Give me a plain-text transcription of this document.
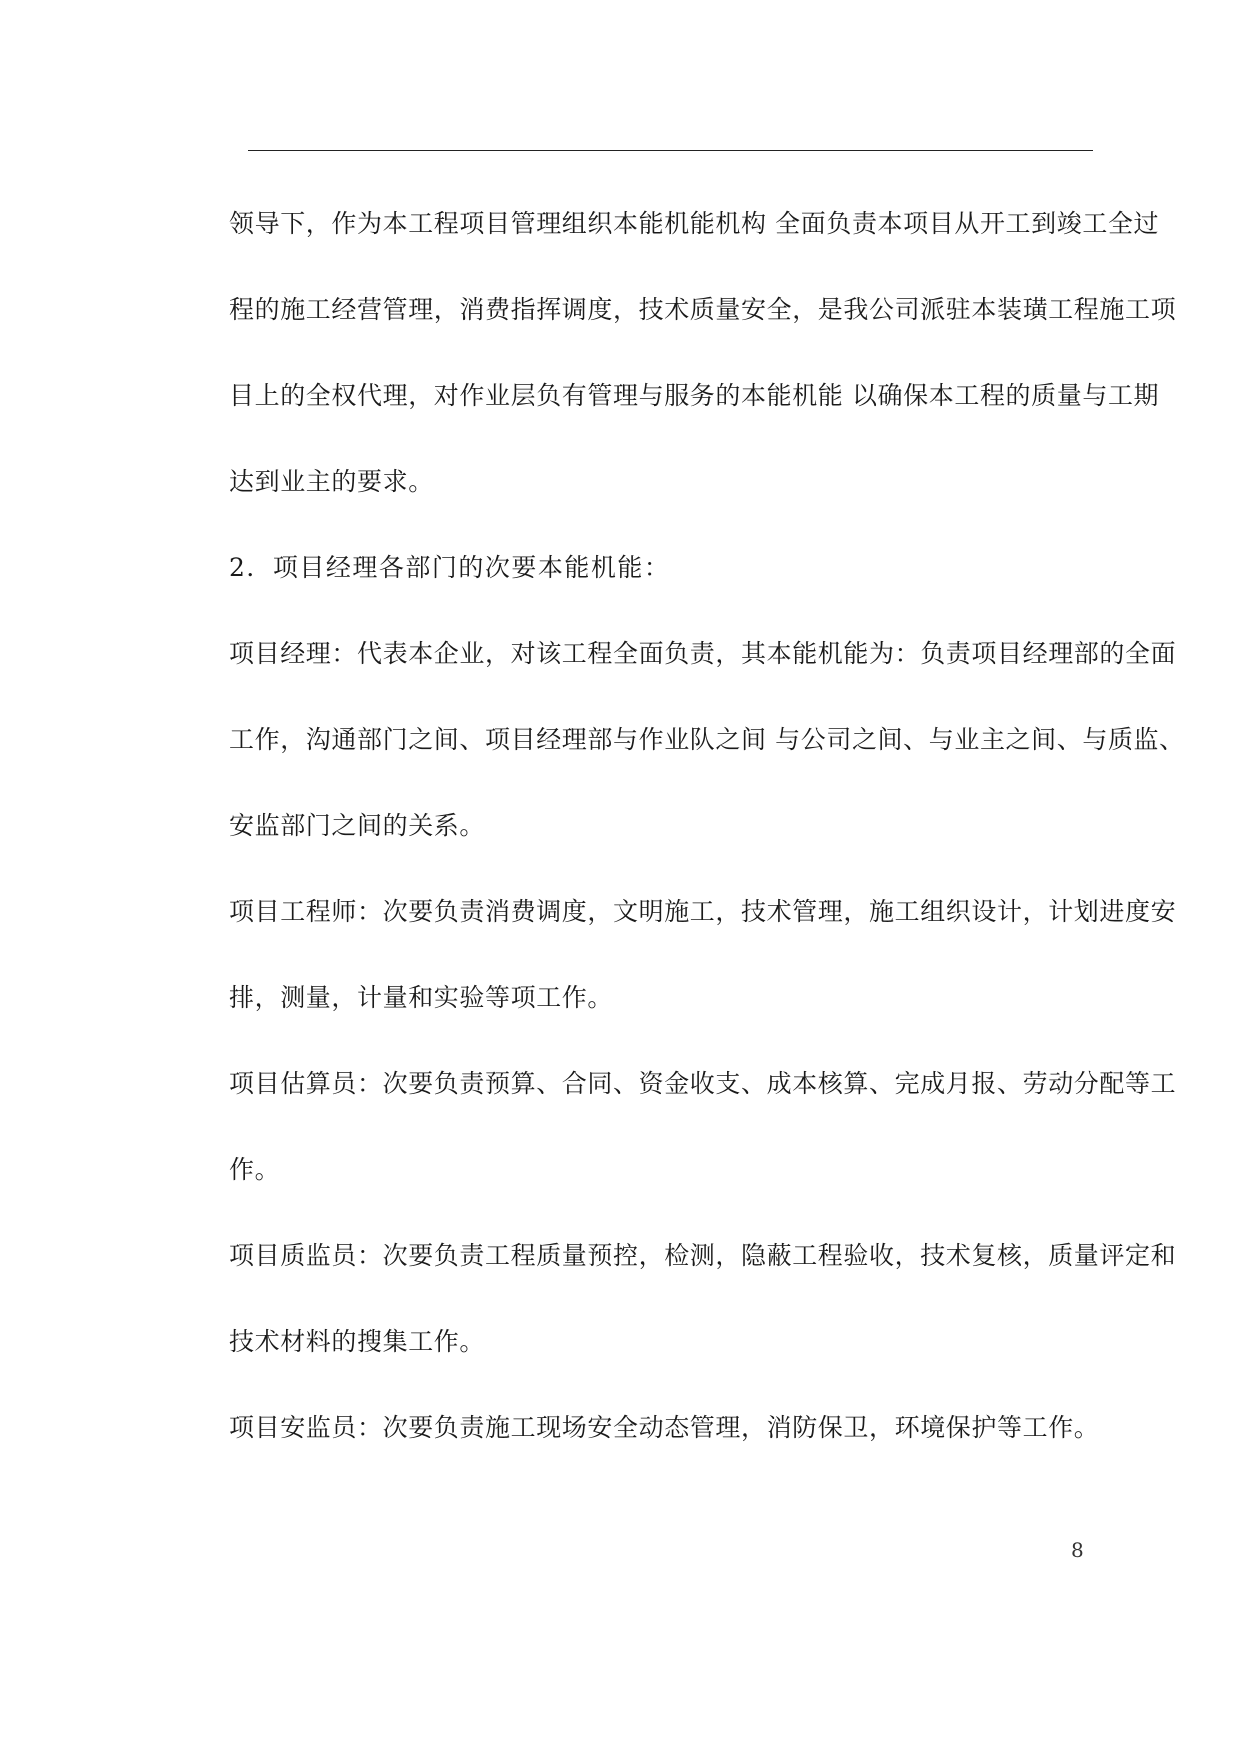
领导下，作为本工程项目管理组织本能机能机构 全面负责本项目从开工到竣工全过
程的施工经营管理，消费指挥调度，技术质量安全，是我公司派驻本装璜工程施工项
目上的全权代理，对作业层负有管理与服务的本能机能 以确保本工程的质量与工期
达到业主的要求。
2．项目经理各部门的次要本能机能：
项目经理：代表本企业，对该工程全面负责，其本能机能为：负责项目经理部的全面
工作，沟通部门之间、项目经理部与作业队之间 与公司之间、与业主之间、与质监、
安监部门之间的关系。
项目工程师：次要负责消费调度，文明施工，技术管理，施工组织设计，计划进度安
排，测量，计量和实验等项工作。
项目估算员：次要负责预算、合同、资金收支、成本核算、完成月报、劳动分配等工
作。
项目质监员：次要负责工程质量预控，检测，隐蔽工程验收，技术复核，质量评定和
技术材料的搜集工作。
项目安监员：次要负责施工现场安全动态管理，消防保卫，环境保护等工作。
8
